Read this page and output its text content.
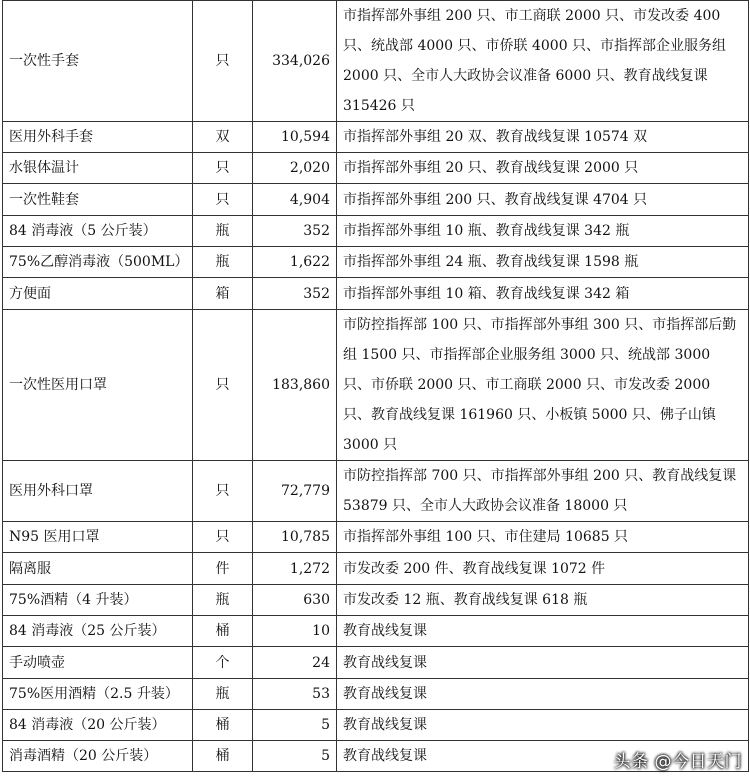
一次性手套	只	334,026	市指挥部外事组 200 只、市工商联 2000 只、市发改委 400 只、统战部 4000 只、市侨联 4000 只、市指挥部企业服务组 2000 只、全市人大政协会议准备 6000 只、教育战线复课 315426 只
医用外科手套	双	10,594	市指挥部外事组 20 双、教育战线复课 10574 双
水银体温计	只	2,020	市指挥部外事组 20 只、教育战线复课 2000 只
一次性鞋套	只	4,904	市指挥部外事组 200 只、教育战线复课 4704 只
84 消毒液（5 公斤装）	瓶	352	市指挥部外事组 10 瓶、教育战线复课 342 瓶
75%乙醇消毒液（500ML）	瓶	1,622	市指挥部外事组 24 瓶、教育战线复课 1598 瓶
方便面	箱	352	市指挥部外事组 10 箱、教育战线复课 342 箱
一次性医用口罩	只	183,860	市防控指挥部 100 只、市指挥部外事组 300 只、市指挥部后勤组 1500 只、市指挥部企业服务组 3000 只、统战部 3000 只、市侨联 2000 只、市工商联 2000 只、市发改委 2000 只、教育战线复课 161960 只、小板镇 5000 只、佛子山镇 3000 只
医用外科口罩	只	72,779	市防控指挥部 700 只、市指挥部外事组 200 只、教育战线复课 53879 只、全市人大政协会议准备 18000 只
N95 医用口罩	只	10,785	市指挥部外事组 100 只、市住建局 10685 只
隔离服	件	1,272	市发改委 200 件、教育战线复课 1072 件
75%酒精（4 升装）	瓶	630	市发改委 12 瓶、教育战线复课 618 瓶
84 消毒液（25 公斤装）	桶	10	教育战线复课
手动喷壶	个	24	教育战线复课
75%医用酒精（2.5 升装）	瓶	53	教育战线复课
84 消毒液（20 公斤装）	桶	5	教育战线复课
消毒酒精（20 公斤装）	桶	5	教育战线复课	头条 @今日天门
